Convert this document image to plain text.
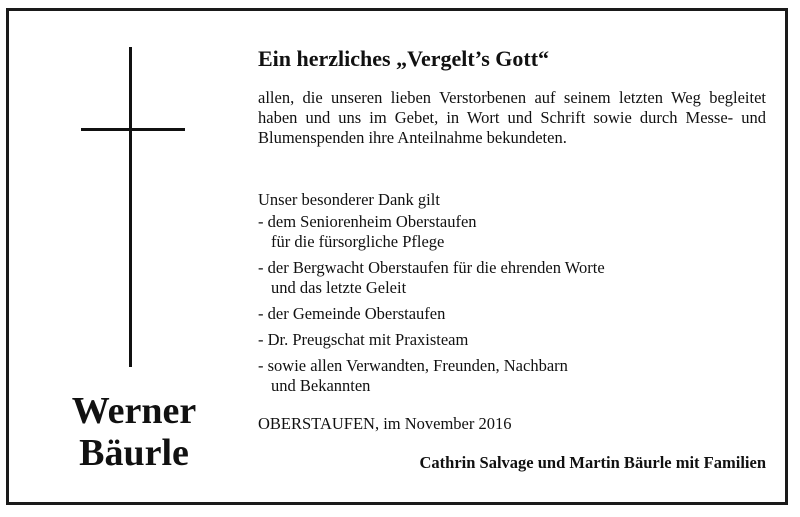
Werner
Bäurle
Ein herzliches „Vergelt’s Gott“
allen, die unseren lieben Verstorbenen auf seinem letzten Weg begleitet haben und uns im Gebet, in Wort und Schrift sowie durch Messe- und Blumenspenden ihre Anteilnahme bekundeten.
Unser besonderer Dank gilt
- dem Seniorenheim Oberstaufen
für die fürsorgliche Pflege
- der Bergwacht Oberstaufen für die ehrenden Worte
und das letzte Geleit
- der Gemeinde Oberstaufen
- Dr. Preugschat mit Praxisteam
- sowie allen Verwandten, Freunden, Nachbarn
und Bekannten
OBERSTAUFEN, im November 2016
Cathrin Salvage und Martin Bäurle mit Familien
